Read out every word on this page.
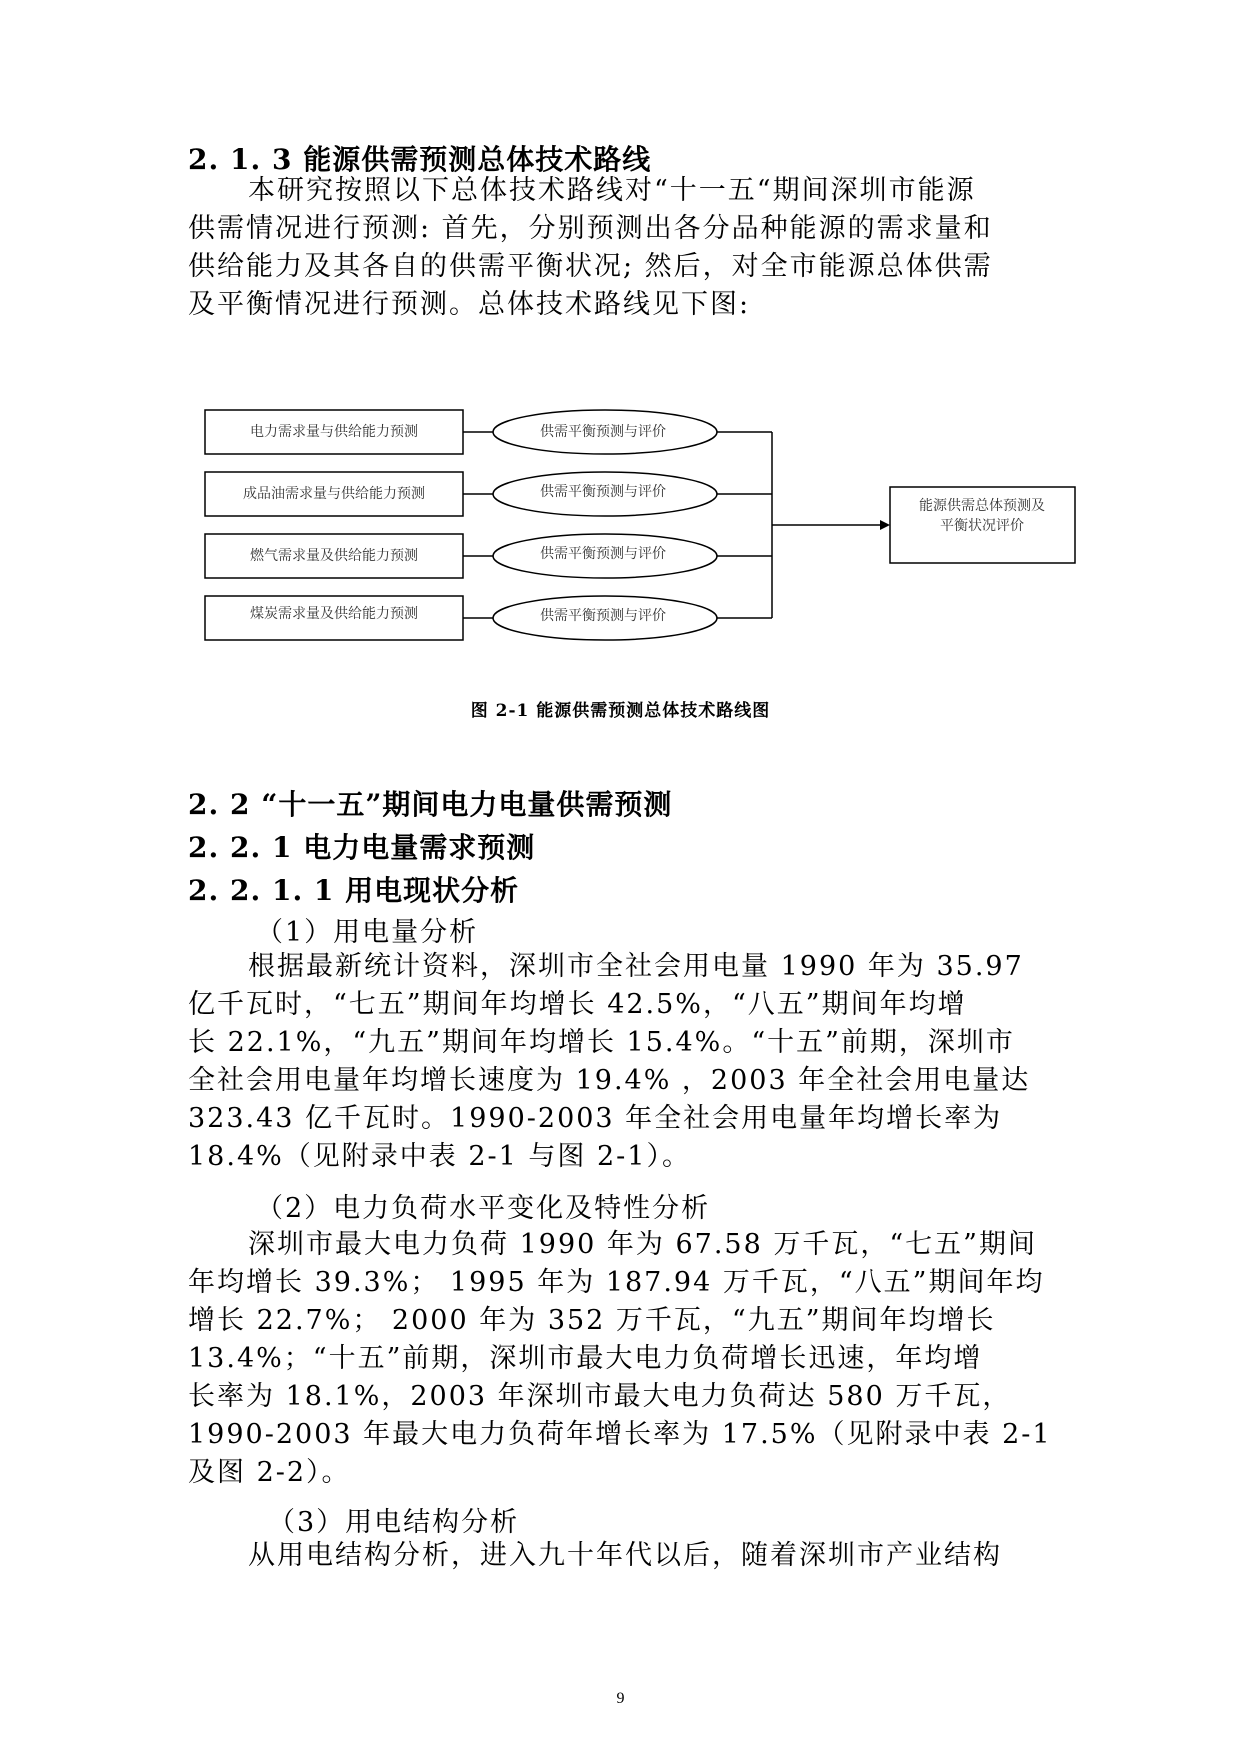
2. 1. 3 能源供需预测总体技术路线
本研究按照以下总体技术路线对“十一五“期间深圳市能源
供需情况进行预测: 首先，分别预测出各分品种能源的需求量和
供给能力及其各自的供需平衡状况; 然后，对全市能源总体供需
及平衡情况进行预测。总体技术路线见下图:
电力需求量与供给能力预测
成品油需求量与供给能力预测
燃气需求量及供给能力预测
煤炭需求量及供给能力预测
供需平衡预测与评价
供需平衡预测与评价
供需平衡预测与评价
供需平衡预测与评价
能源供需总体预测及
平衡状况评价
图 2-1 能源供需预测总体技术路线图
2. 2 “十一五”期间电力电量供需预测
2. 2. 1 电力电量需求预测
2. 2. 1. 1 用电现状分析
（1）用电量分析
根据最新统计资料，深圳市全社会用电量 1990 年为 35.97
亿千瓦时，“七五”期间年均增长 42.5%，“八五”期间年均增
长 22.1%，“九五”期间年均增长 15.4%。“十五”前期，深圳市
全社会用电量年均增长速度为 19.4% ，2003 年全社会用电量达
323.43 亿千瓦时。1990-2003 年全社会用电量年均增长率为
18.4%（见附录中表 2-1 与图 2-1）。
（2）电力负荷水平变化及特性分析
深圳市最大电力负荷 1990 年为 67.58 万千瓦，“七五”期间
年均增长 39.3%； 1995 年为 187.94 万千瓦，“八五”期间年均
增长 22.7%； 2000 年为 352 万千瓦，“九五”期间年均增长
13.4%；“十五”前期，深圳市最大电力负荷增长迅速，年均增
长率为 18.1%，2003 年深圳市最大电力负荷达 580 万千瓦，
1990-2003 年最大电力负荷年增长率为 17.5%（见附录中表 2-1
及图 2-2）。
（3）用电结构分析
从用电结构分析，进入九十年代以后，随着深圳市产业结构
9
